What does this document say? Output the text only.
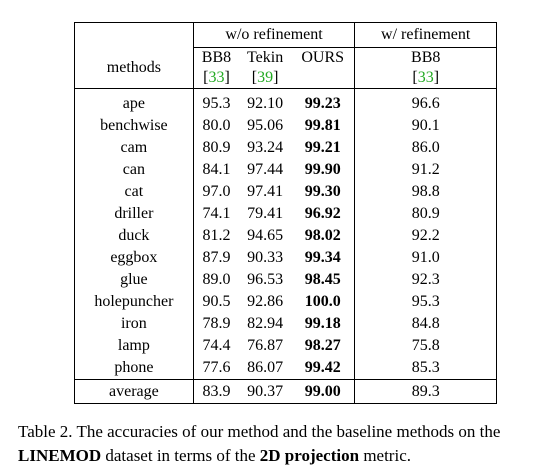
	w/o refinement			w/ refinement
methods	BB8	Tekin	OURS	BB8
	[33]	[39]		[33]
ape	95.3	92.10	99.23	96.6
benchwise	80.0	95.06	99.81	90.1
cam	80.9	93.24	99.21	86.0
can	84.1	97.44	99.90	91.2
cat	97.0	97.41	99.30	98.8
driller	74.1	79.41	96.92	80.9
duck	81.2	94.65	98.02	92.2
eggbox	87.9	90.33	99.34	91.0
glue	89.0	96.53	98.45	92.3
holepuncher	90.5	92.86	100.0	95.3
iron	78.9	82.94	99.18	84.8
lamp	74.4	76.87	98.27	75.8
phone	77.6	86.07	99.42	85.3
average	83.9	90.37	99.00	89.3
Table 2. The accuracies of our method and the baseline methods on the LINEMOD dataset in terms of the 2D projection metric.
